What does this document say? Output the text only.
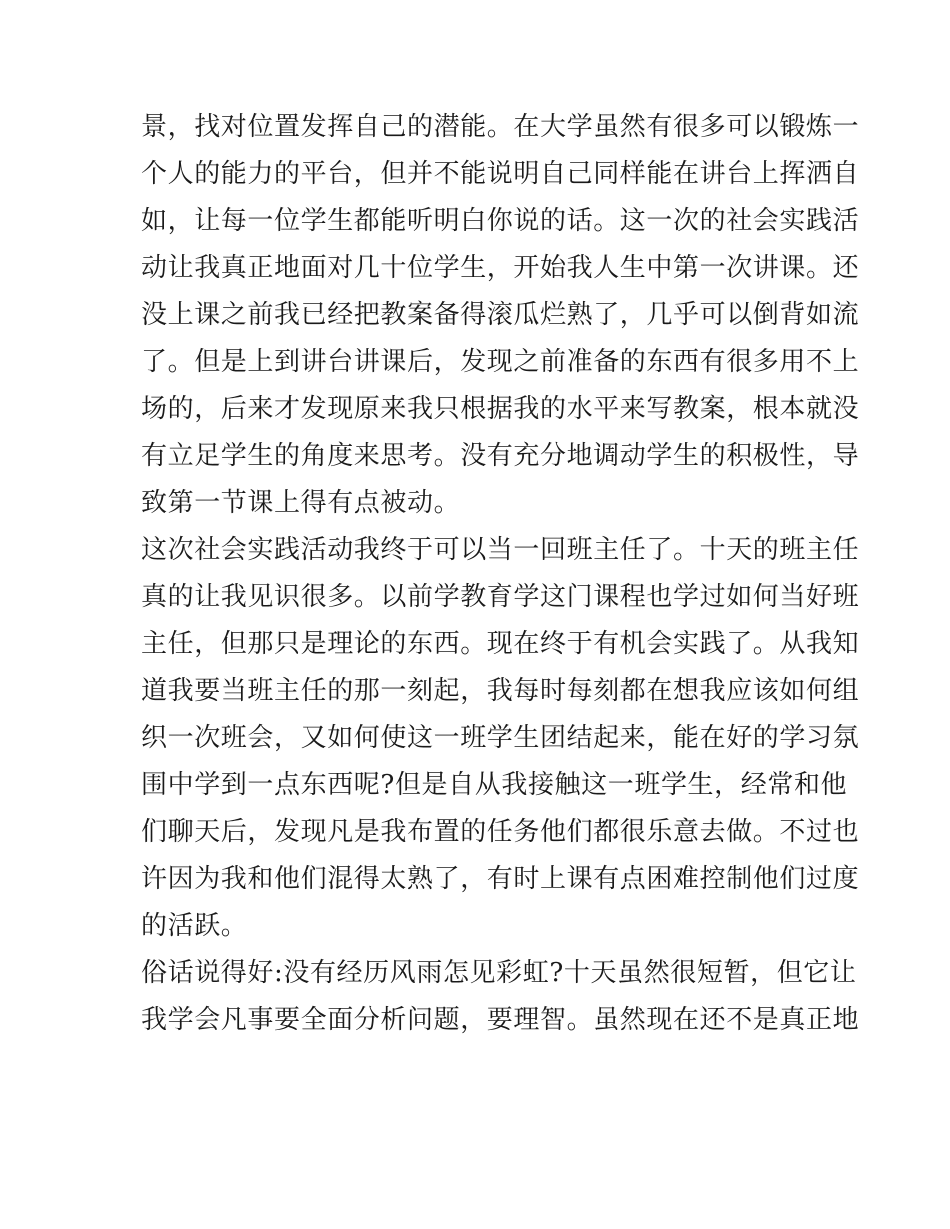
景，找对位置发挥自己的潜能。在大学虽然有很多可以锻炼一
个人的能力的平台，但并不能说明自己同样能在讲台上挥洒自
如，让每一位学生都能听明白你说的话。这一次的社会实践活
动让我真正地面对几十位学生，开始我人生中第一次讲课。还
没上课之前我已经把教案备得滚瓜烂熟了，几乎可以倒背如流
了。但是上到讲台讲课后，发现之前准备的东西有很多用不上
场的，后来才发现原来我只根据我的水平来写教案，根本就没
有立足学生的角度来思考。没有充分地调动学生的积极性，导
致第一节课上得有点被动。
这次社会实践活动我终于可以当一回班主任了。十天的班主任
真的让我见识很多。以前学教育学这门课程也学过如何当好班
主任，但那只是理论的东西。现在终于有机会实践了。从我知
道我要当班主任的那一刻起，我每时每刻都在想我应该如何组
织一次班会，又如何使这一班学生团结起来，能在好的学习氛
围中学到一点东西呢?但是自从我接触这一班学生，经常和他
们聊天后，发现凡是我布置的任务他们都很乐意去做。不过也
许因为我和他们混得太熟了，有时上课有点困难控制他们过度
的活跃。
俗话说得好:没有经历风雨怎见彩虹?十天虽然很短暂，但它让
我学会凡事要全面分析问题，要理智。虽然现在还不是真正地
